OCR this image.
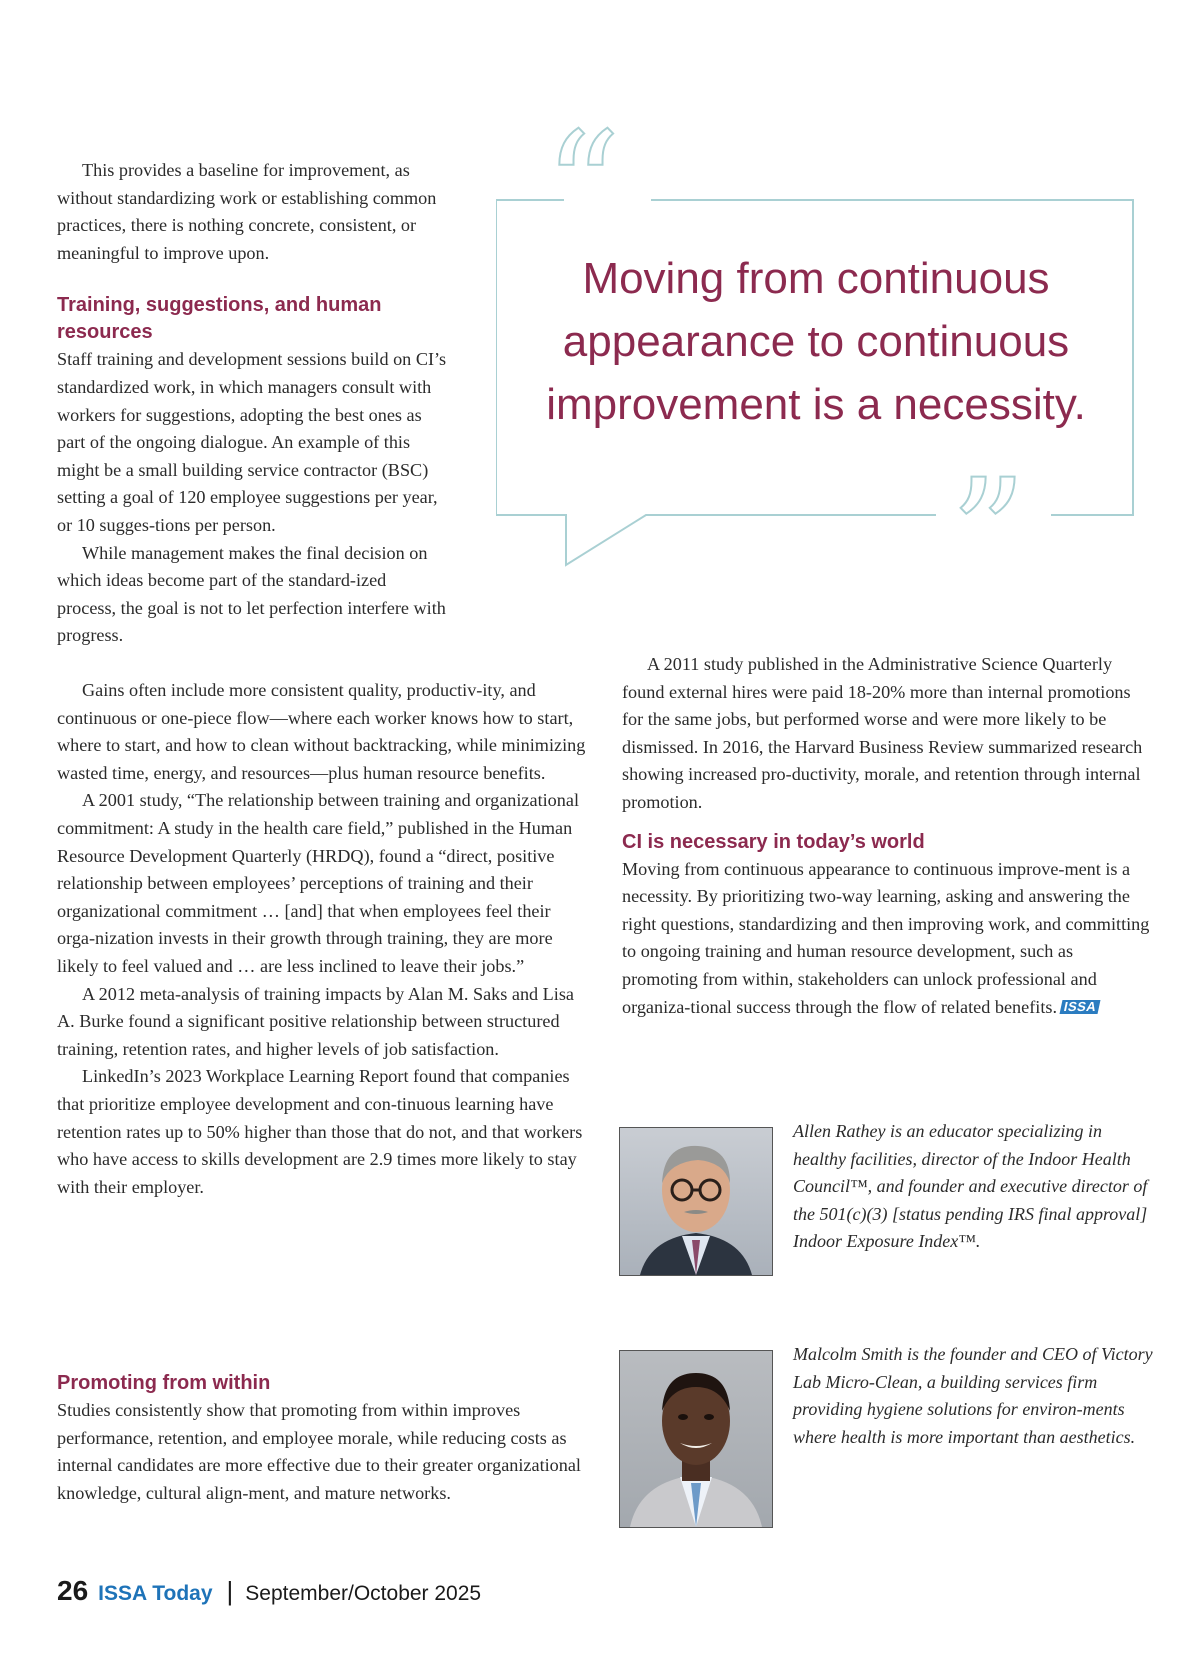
This provides a baseline for improvement, as without standardizing work or establishing common practices, there is nothing concrete, consistent, or meaningful to improve upon.

Training, suggestions, and human resources

Staff training and development sessions build on CI’s standardized work, in which managers consult with workers for suggestions, adopting the best ones as part of the ongoing dialogue. An example of this might be a small building service contractor (BSC) setting a goal of 120 employee suggestions per year, or 10 sugges-tions per person.

While management makes the final decision on which ideas become part of the standard-ized process, the goal is not to let perfection interfere with progress.

Gains often include more consistent quality, productiv-ity, and continuous or one-piece flow—where each worker knows how to start, where to start, and how to clean without backtracking, while minimizing wasted time, energy, and resources—plus human resource benefits.

A 2001 study, “The relationship between training and organizational commitment: A study in the health care field,” published in the Human Resource Development Quarterly (HRDQ), found a “direct, positive relationship between employees’ perceptions of training and their organizational commitment … [and] that when employees feel their orga-nization invests in their growth through training, they are more likely to feel valued and … are less inclined to leave their jobs.”

A 2012 meta-analysis of training impacts by Alan M. Saks and Lisa A. Burke found a significant positive relationship between structured training, retention rates, and higher levels of job satisfaction.

LinkedIn’s 2023 Workplace Learning Report found that companies that prioritize employee development and con-tinuous learning have retention rates up to 50% higher than those that do not, and that workers who have access to skills development are 2.9 times more likely to stay with their employer.

Promoting from within

Studies consistently show that promoting from within improves performance, retention, and employee morale, while reducing costs as internal candidates are more effective due to their greater organizational knowledge, cultural align-ment, and mature networks.

“
”
Moving from continuous appearance to continuous improvement is a necessity.

A 2011 study published in the Administrative Science Quarterly found external hires were paid 18-20% more than internal promotions for the same jobs, but performed worse and were more likely to be dismissed. In 2016, the Harvard Business Review summarized research showing increased pro-ductivity, morale, and retention through internal promotion.

CI is necessary in today’s world

Moving from continuous appearance to continuous improve-ment is a necessity. By prioritizing two-way learning, asking and answering the right questions, standardizing and then improving work, and committing to ongoing training and human resource development, such as promoting from within, stakeholders can unlock professional and organiza-tional success through the flow of related benefits. ISSA

Allen Rathey is an educator specializing in healthy facilities, director of the Indoor Health Council™, and founder and executive director of the 501(c)(3) [status pending IRS final approval] Indoor Exposure Index™.
Malcolm Smith is the founder and CEO of Victory Lab Micro-Clean, a building services firm providing hygiene solutions for environ-ments where health is more important than aesthetics.
26 ISSA Today | September/October 2025
